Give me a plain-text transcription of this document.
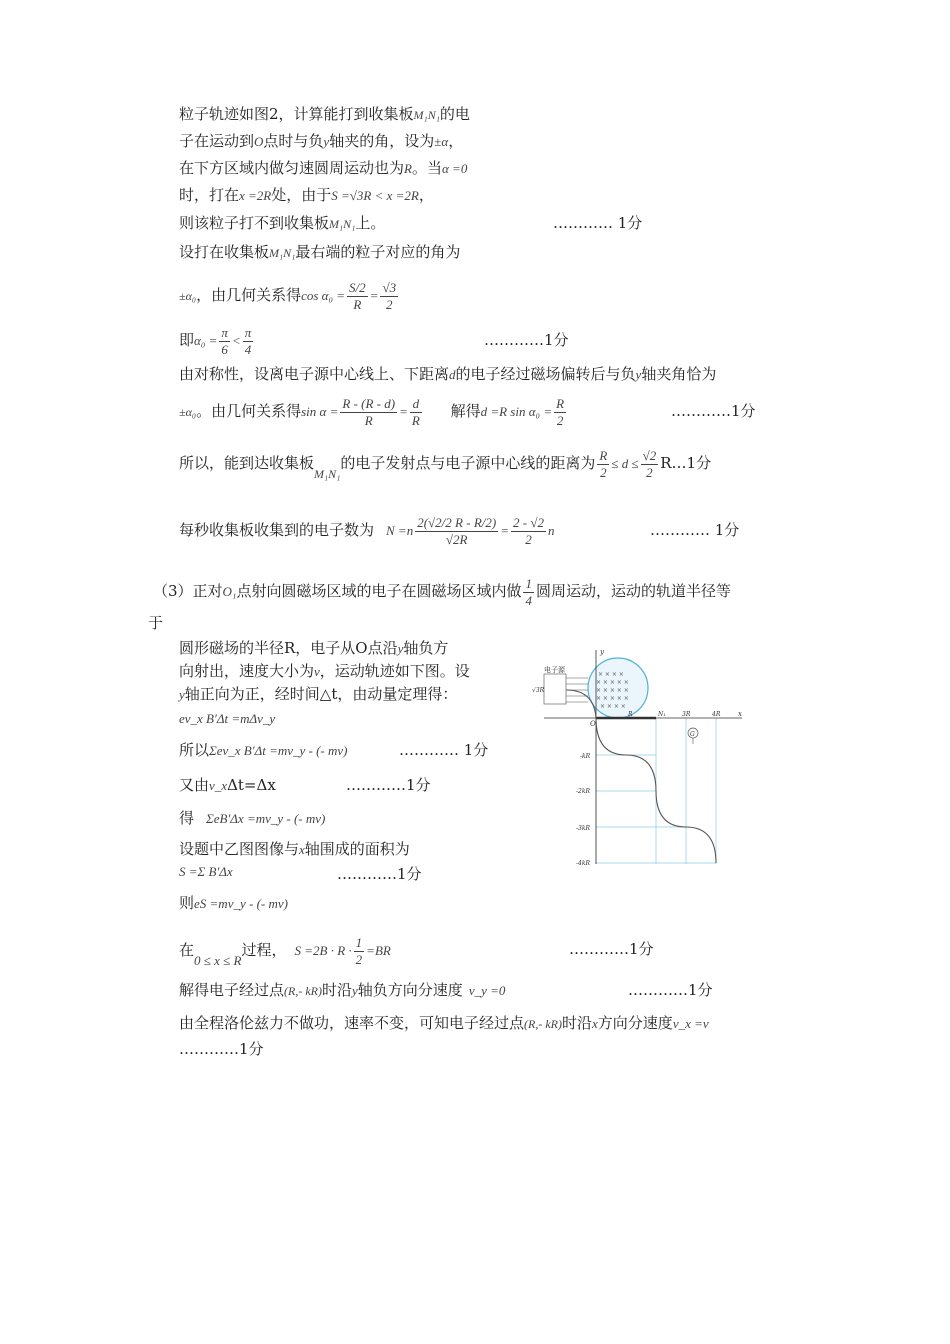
粒子轨迹如图2，计算能打到收集板M₁N₁的电
子在运动到O点时与负y轴夹的角，设为±α，
在下方区域内做匀速圆周运动也为R。当α =0
时，打在x =2R处，由于S =√3R < x =2R，
则该粒子打不到收集板M₁N₁上。	………… 1分
设打在收集板M₁N₁最右端的粒子对应的角为
±α₀，由几何关系得$\cos \alpha_0 = \frac{S/2}{R} = \frac{√3}{2}$
即$\alpha_0 = \frac{\pi}{6} < \frac{\pi}{4}$	…………1分
由对称性，设离电子源中心线上、下距离d的电子经过磁场偏转后与负y轴夹角恰为
±α₀。由几何关系得$\sin \alpha = \frac{R - (R - d)}{R} = \frac{d}{R}$ 解得d =R $\sin \alpha_0 = \frac{R}{2}$	…………1分
所以，能到达收集板$_{M_1N_1}$的电子发射点与电子源中心线的距离为 $\frac{R}{2} \le d \le \frac{√2}{2}$ R…1分
每秒收集板收集到的电子数为 $N =n \frac{2(√2/2 R - R/2)}{√2R} = \frac{2 - √2}{2}$ n	………… 1分
（3）正对O₁点射向圆磁场区域的电子在圆磁场区域内做 $\frac{1}{4}$ 圆周运动，运动的轨道半径等
于
圆形磁场的半径R，电子从O点沿y轴负方
向射出，速度大小为v，运动轨迹如下图。设
y轴正向为正，经时间△t，由动量定理得：
ev_x B′Δt =mΔv_y
所以Σev_x B′Δt =mv_y - (- mv)	………… 1分
又由v_xΔt=Δx	…………1分
得 ΣeB′Δx =mv_y - (- mv)
设题中乙图图像与x轴围成的面积为
S =Σ B′Δx	…………1分
则eS =mv_y - (- mv)
在0 ≤ x ≤ R过程， $S =2B \cdot R \cdot \frac{1}{2} =BR$	…………1分
解得电子经过点(R,- kR)时沿y轴负方向分速度 v_y =0	…………1分
由全程洛伦兹力不做功，速率不变，可知电子经过点(R,- kR)时沿x方向分速度v_x =v
…………1分
× × × ×
× × × × ×
× × × × ×
× × × × ×
× × × ×
电子源
√3R
y
x
O
R	N₁	3R	4R
G
-kR
-2kR
-3kR
-4kR
